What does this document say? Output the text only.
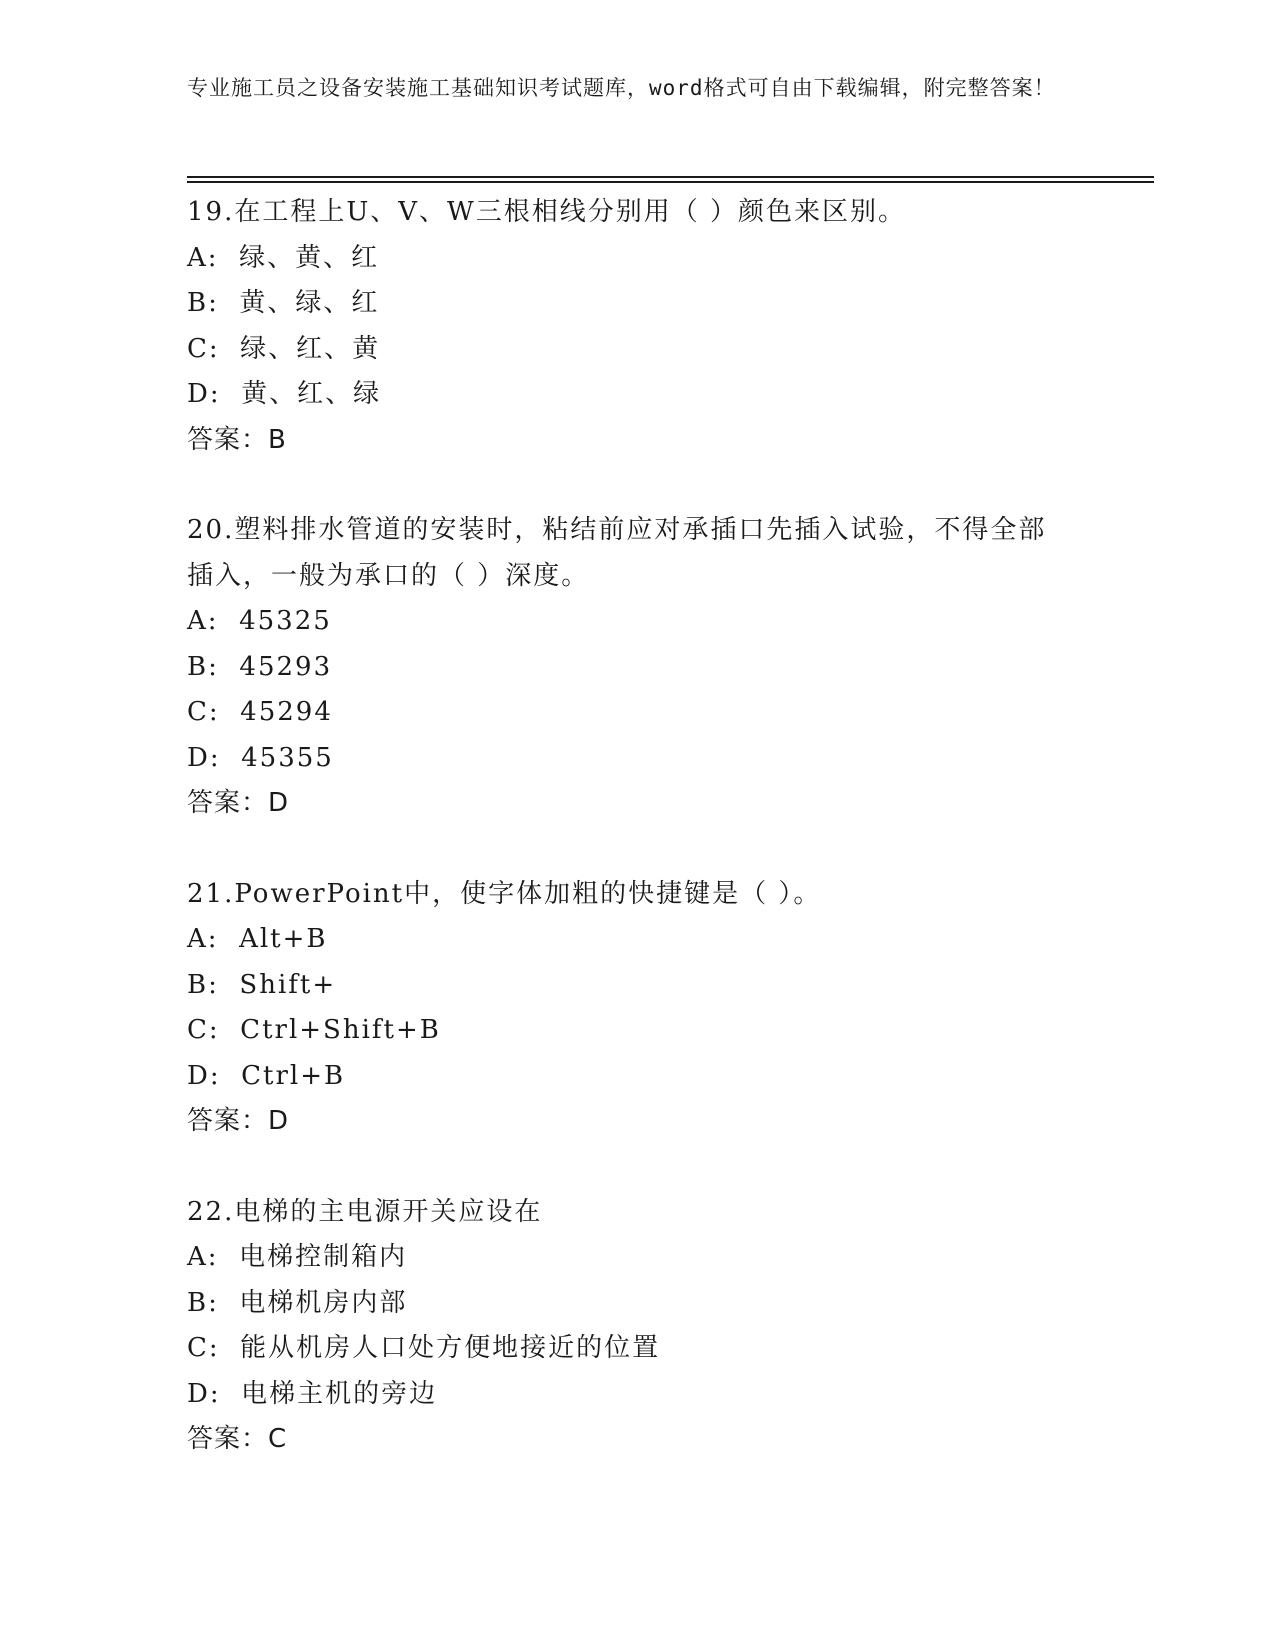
专业施工员之设备安装施工基础知识考试题库，word格式可自由下载编辑，附完整答案！
19.在工程上U、V、W三根相线分别用（ ）颜色来区别。
A:  绿、黄、红
B:  黄、绿、红
C:  绿、红、黄
D:  黄、红、绿
答案：B
20.塑料排水管道的安装时，粘结前应对承插口先插入试验，不得全部插入，一般为承口的（ ）深度。
A:  45325
B:  45293
C:  45294
D:  45355
答案：D
21.PowerPoint中，使字体加粗的快捷键是（ ）。
A:  Alt+B
B:  Shift+
C:  Ctrl+Shift+B
D:  Ctrl+B
答案：D
22.电梯的主电源开关应设在
A:  电梯控制箱内
B:  电梯机房内部
C:  能从机房人口处方便地接近的位置
D:  电梯主机的旁边
答案：C
